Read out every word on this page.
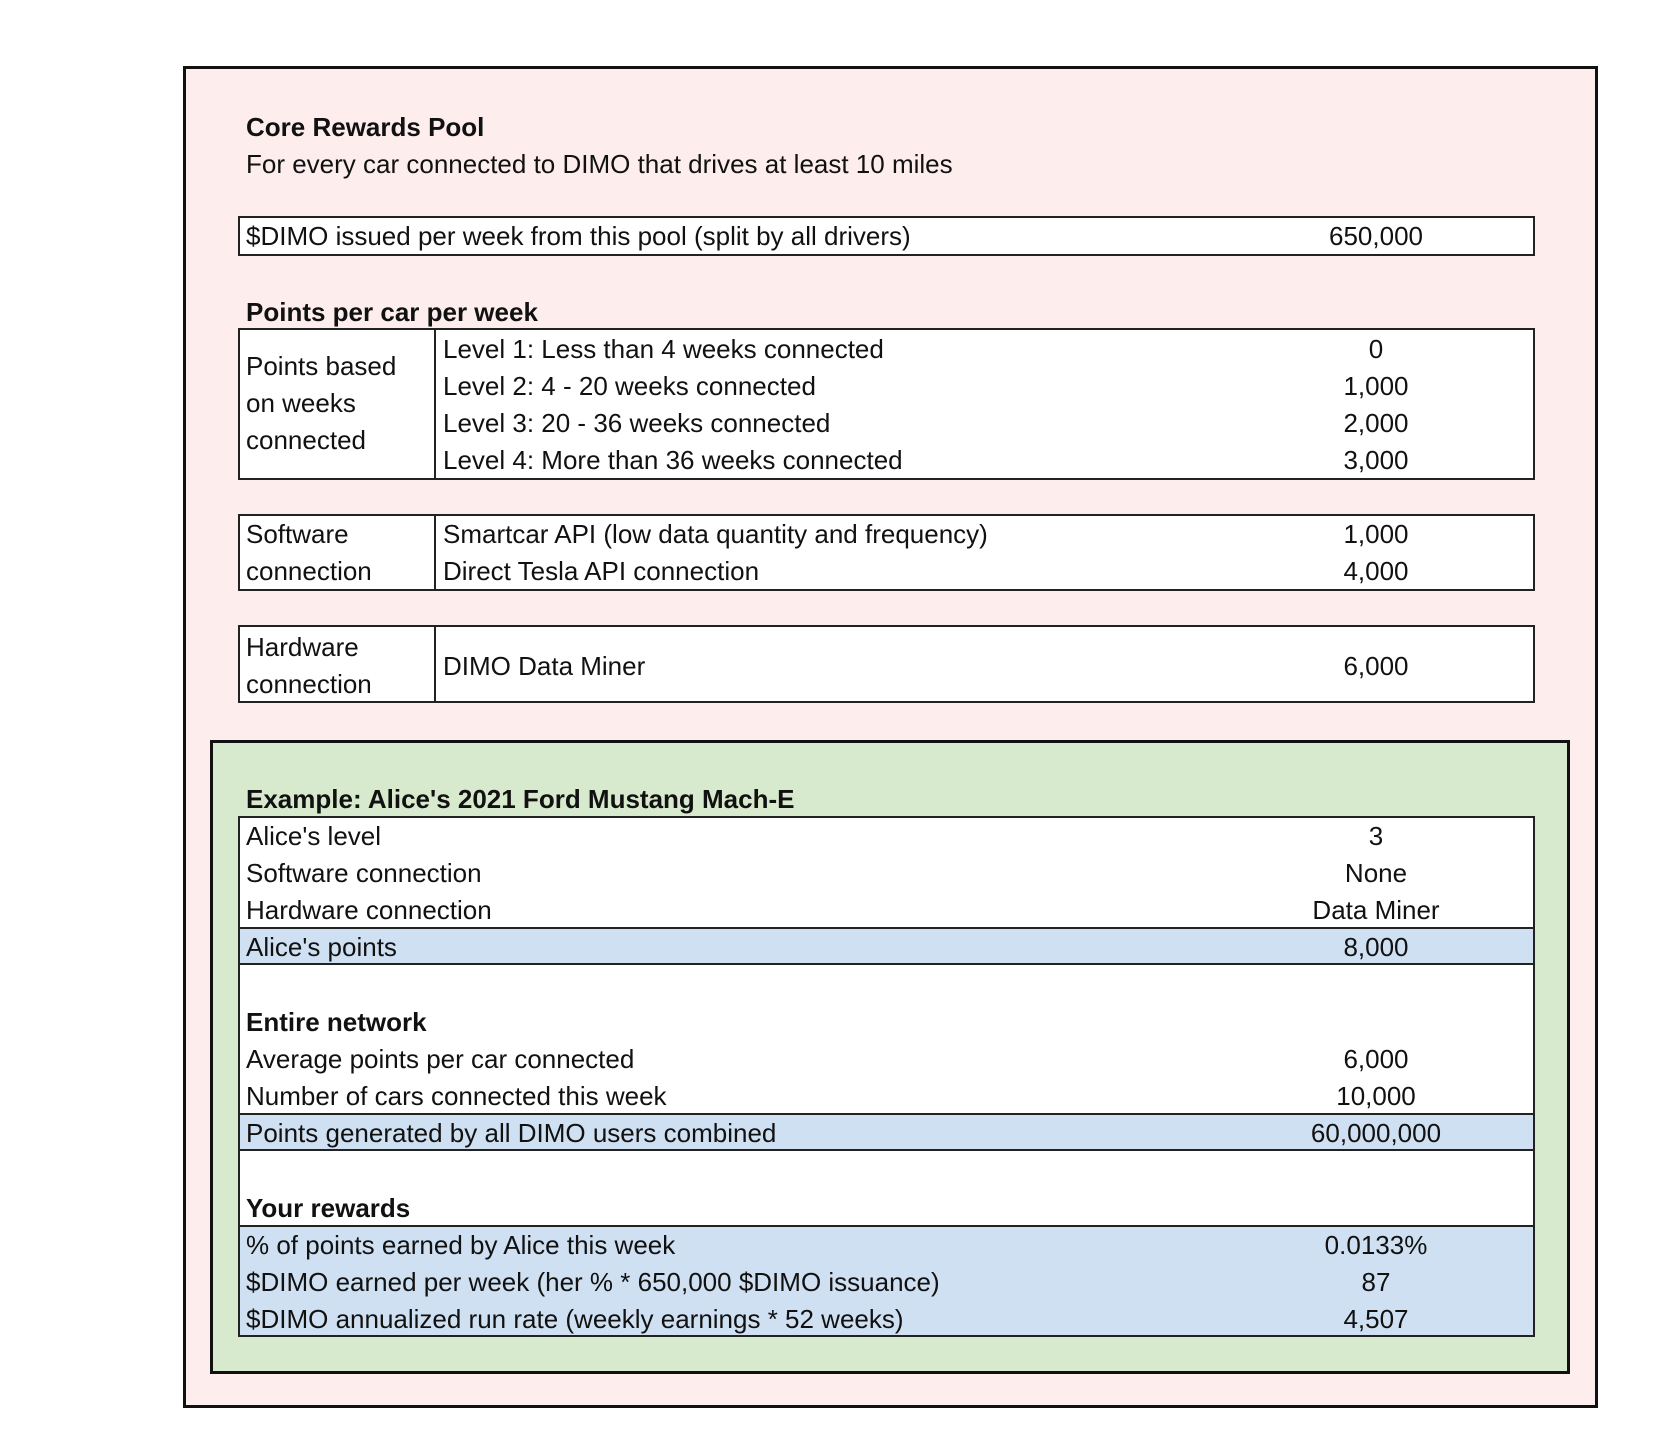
Core Rewards Pool
For every car connected to DIMO that drives at least 10 miles
$DIMO issued per week from this pool (split by all drivers)	650,000
Points per car per week
Points based
on weeks
connected
Level 1: Less than 4 weeks connected	0
Level 2: 4 - 20 weeks connected	1,000
Level 3: 20 - 36 weeks connected	2,000
Level 4: More than 36 weeks connected	3,000
Software
connection
Smartcar API (low data quantity and frequency)	1,000
Direct Tesla API connection	4,000
Hardware
connection
DIMO Data Miner	6,000
Example: Alice's 2021 Ford Mustang Mach-E
Alice's level	3
Software connection	None
Hardware connection	Data Miner
Alice's points	8,000
Entire network
Average points per car connected	6,000
Number of cars connected this week	10,000
Points generated by all DIMO users combined	60,000,000
Your rewards
% of points earned by Alice this week	0.0133%
$DIMO earned per week (her % * 650,000 $DIMO issuance)	87
$DIMO annualized run rate (weekly earnings * 52 weeks)	4,507
